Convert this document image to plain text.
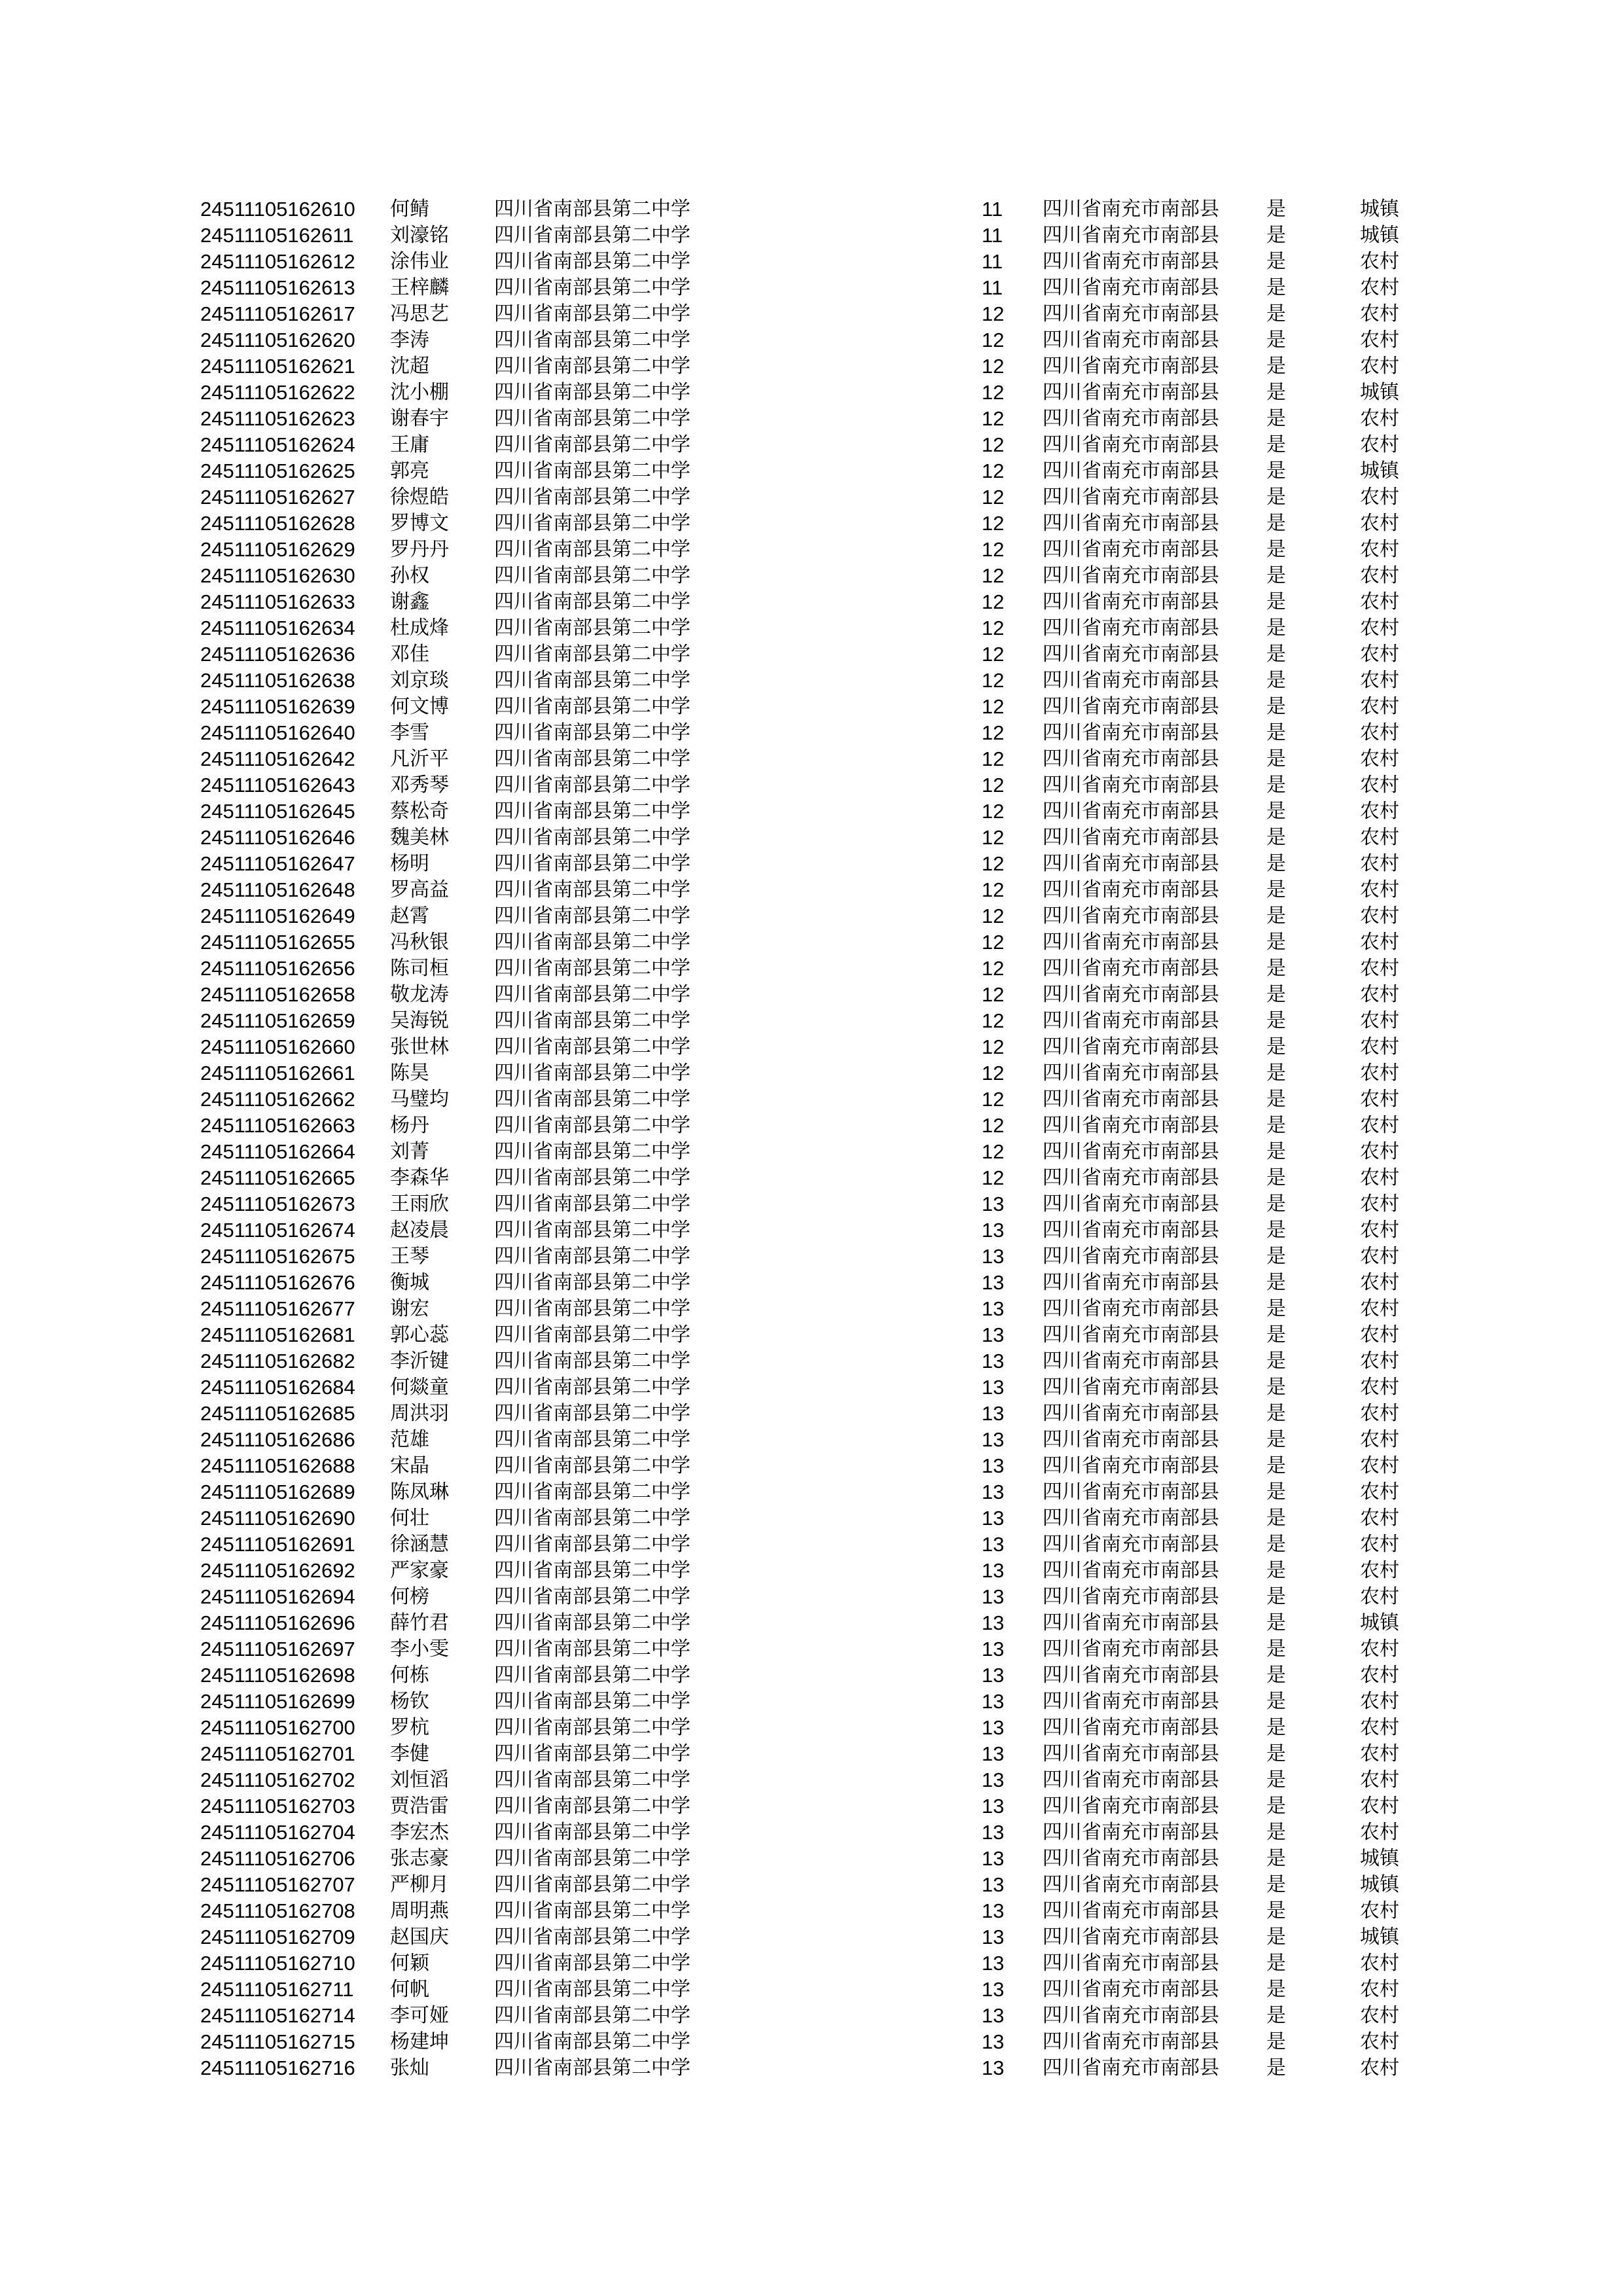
24511105162610 何鲭	四川省南部县第二中学	11 四川省南充市南部县 是	城镇
24511105162611 刘濠铭 四川省南部县第二中学	11 四川省南充市南部县 是	城镇
24511105162612 涂伟业 四川省南部县第二中学	11 四川省南充市南部县 是	农村
24511105162613 王梓麟 四川省南部县第二中学	11 四川省南充市南部县 是	农村
24511105162617 冯思艺 四川省南部县第二中学	12 四川省南充市南部县 是	农村
24511105162620 李涛	四川省南部县第二中学	12 四川省南充市南部县 是	农村
24511105162621 沈超	四川省南部县第二中学	12 四川省南充市南部县 是	农村
24511105162622 沈小棚 四川省南部县第二中学	12 四川省南充市南部县 是	城镇
24511105162623 谢春宇 四川省南部县第二中学	12 四川省南充市南部县 是	农村
24511105162624 王庸	四川省南部县第二中学	12 四川省南充市南部县 是	农村
24511105162625 郭亮	四川省南部县第二中学	12 四川省南充市南部县 是	城镇
24511105162627 徐煜皓 四川省南部县第二中学	12 四川省南充市南部县 是	农村
24511105162628 罗博文 四川省南部县第二中学	12 四川省南充市南部县 是	农村
24511105162629 罗丹丹 四川省南部县第二中学	12 四川省南充市南部县 是	农村
24511105162630 孙权	四川省南部县第二中学	12 四川省南充市南部县 是	农村
24511105162633 谢鑫	四川省南部县第二中学	12 四川省南充市南部县 是	农村
24511105162634 杜成烽 四川省南部县第二中学	12 四川省南充市南部县 是	农村
24511105162636 邓佳	四川省南部县第二中学	12 四川省南充市南部县 是	农村
24511105162638 刘京琰 四川省南部县第二中学	12 四川省南充市南部县 是	农村
24511105162639 何文博 四川省南部县第二中学	12 四川省南充市南部县 是	农村
24511105162640 李雪	四川省南部县第二中学	12 四川省南充市南部县 是	农村
24511105162642 凡沂平 四川省南部县第二中学	12 四川省南充市南部县 是	农村
24511105162643 邓秀琴 四川省南部县第二中学	12 四川省南充市南部县 是	农村
24511105162645 蔡松奇 四川省南部县第二中学	12 四川省南充市南部县 是	农村
24511105162646 魏美林 四川省南部县第二中学	12 四川省南充市南部县 是	农村
24511105162647 杨明	四川省南部县第二中学	12 四川省南充市南部县 是	农村
24511105162648 罗高益 四川省南部县第二中学	12 四川省南充市南部县 是	农村
24511105162649 赵霄	四川省南部县第二中学	12 四川省南充市南部县 是	农村
24511105162655 冯秋银 四川省南部县第二中学	12 四川省南充市南部县 是	农村
24511105162656 陈司桓 四川省南部县第二中学	12 四川省南充市南部县 是	农村
24511105162658 敬龙涛 四川省南部县第二中学	12 四川省南充市南部县 是	农村
24511105162659 吴海锐 四川省南部县第二中学	12 四川省南充市南部县 是	农村
24511105162660 张世林 四川省南部县第二中学	12 四川省南充市南部县 是	农村
24511105162661 陈昊	四川省南部县第二中学	12 四川省南充市南部县 是	农村
24511105162662 马璧均 四川省南部县第二中学	12 四川省南充市南部县 是	农村
24511105162663 杨丹	四川省南部县第二中学	12 四川省南充市南部县 是	农村
24511105162664 刘菁	四川省南部县第二中学	12 四川省南充市南部县 是	农村
24511105162665 李森华 四川省南部县第二中学	12 四川省南充市南部县 是	农村
24511105162673 王雨欣 四川省南部县第二中学	13 四川省南充市南部县 是	农村
24511105162674 赵凌晨 四川省南部县第二中学	13 四川省南充市南部县 是	农村
24511105162675 王琴	四川省南部县第二中学	13 四川省南充市南部县 是	农村
24511105162676 衡城	四川省南部县第二中学	13 四川省南充市南部县 是	农村
24511105162677 谢宏	四川省南部县第二中学	13 四川省南充市南部县 是	农村
24511105162681 郭心蕊 四川省南部县第二中学	13 四川省南充市南部县 是	农村
24511105162682 李沂键 四川省南部县第二中学	13 四川省南充市南部县 是	农村
24511105162684 何燚童 四川省南部县第二中学	13 四川省南充市南部县 是	农村
24511105162685 周洪羽 四川省南部县第二中学	13 四川省南充市南部县 是	农村
24511105162686 范雄	四川省南部县第二中学	13 四川省南充市南部县 是	农村
24511105162688 宋晶	四川省南部县第二中学	13 四川省南充市南部县 是	农村
24511105162689 陈凤琳 四川省南部县第二中学	13 四川省南充市南部县 是	农村
24511105162690 何壮	四川省南部县第二中学	13 四川省南充市南部县 是	农村
24511105162691 徐涵慧 四川省南部县第二中学	13 四川省南充市南部县 是	农村
24511105162692 严家豪 四川省南部县第二中学	13 四川省南充市南部县 是	农村
24511105162694 何榜	四川省南部县第二中学	13 四川省南充市南部县 是	农村
24511105162696 薛竹君 四川省南部县第二中学	13 四川省南充市南部县 是	城镇
24511105162697 李小雯 四川省南部县第二中学	13 四川省南充市南部县 是	农村
24511105162698 何栋	四川省南部县第二中学	13 四川省南充市南部县 是	农村
24511105162699 杨钦	四川省南部县第二中学	13 四川省南充市南部县 是	农村
24511105162700 罗杭	四川省南部县第二中学	13 四川省南充市南部县 是	农村
24511105162701 李健	四川省南部县第二中学	13 四川省南充市南部县 是	农村
24511105162702 刘恒滔 四川省南部县第二中学	13 四川省南充市南部县 是	农村
24511105162703 贾浩雷 四川省南部县第二中学	13 四川省南充市南部县 是	农村
24511105162704 李宏杰 四川省南部县第二中学	13 四川省南充市南部县 是	农村
24511105162706 张志豪 四川省南部县第二中学	13 四川省南充市南部县 是	城镇
24511105162707 严柳月 四川省南部县第二中学	13 四川省南充市南部县 是	城镇
24511105162708 周明燕 四川省南部县第二中学	13 四川省南充市南部县 是	农村
24511105162709 赵国庆 四川省南部县第二中学	13 四川省南充市南部县 是	城镇
24511105162710 何颖	四川省南部县第二中学	13 四川省南充市南部县 是	农村
24511105162711 何帆	四川省南部县第二中学	13 四川省南充市南部县 是	农村
24511105162714 李可娅 四川省南部县第二中学	13 四川省南充市南部县 是	农村
24511105162715 杨建坤 四川省南部县第二中学	13 四川省南充市南部县 是	农村
24511105162716 张灿	四川省南部县第二中学	13 四川省南充市南部县 是	农村
